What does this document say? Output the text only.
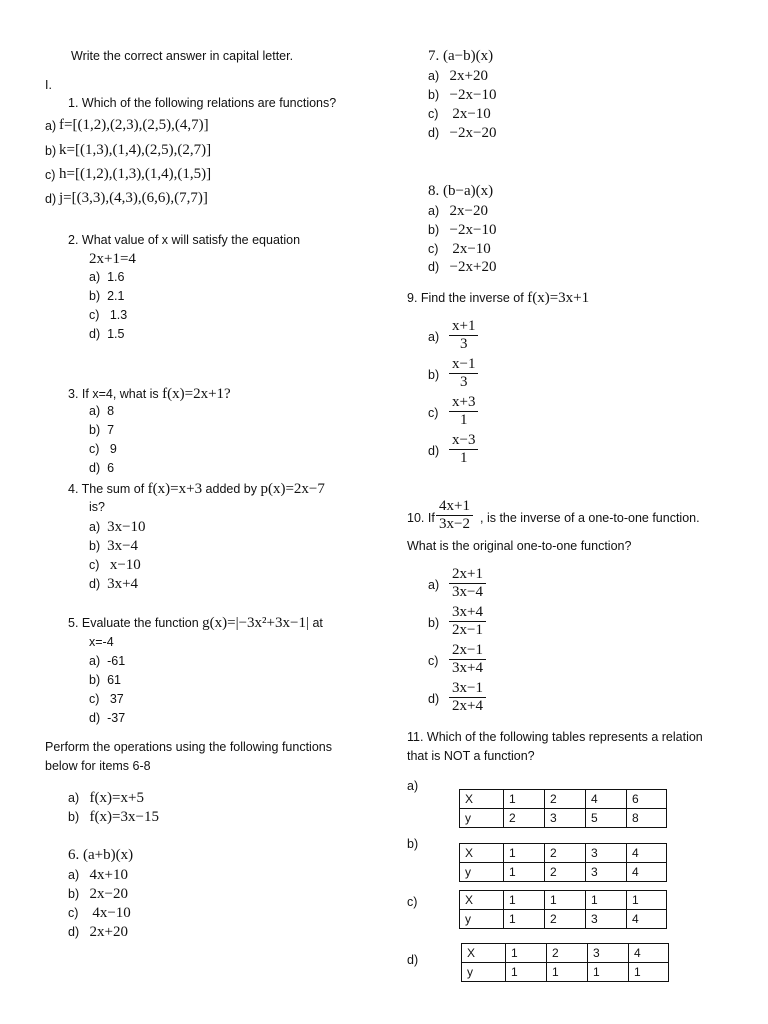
Write the correct answer in capital letter.
I.
1. Which of the following relations are functions?
a) f=[(1,2),(2,3),(2,5),(4,7)]
b) k=[(1,3),(1,4),(2,5),(2,7)]
c) h=[(1,2),(1,3),(1,4),(1,5)]
d) j=[(3,3),(4,3),(6,6),(7,7)]
2. What value of x will satisfy the equation
2x+1=4
a) 1.6
b) 2.1
c) 1.3
d) 1.5
3. If x=4, what is f(x)=2x+1?
a) 8
b) 7
c) 9
d) 6
4. The sum of f(x)=x+3 added by p(x)=2x−7
is?
a) 3x−10
b) 3x−4
c) x−10
d) 3x+4
5. Evaluate the function g(x)=|−3x²+3x−1| at
x=-4
a) -61
b) 61
c) 37
d) -37
Perform the operations using the following functions
below for items 6-8
a) f(x)=x+5
b) f(x)=3x−15
6. (a+b)(x)
a) 4x+10
b) 2x−20
c) 4x−10
d) 2x+20
7. (a−b)(x)
a) 2x+20
b) −2x−10
c) 2x−10
d) −2x−20
8. (b−a)(x)
a) 2x−20
b) −2x−10
c) 2x−10
d) −2x+20
9. Find the inverse of f(x)=3x+1
$a) \frac{x+1}{3}$
$b) \frac{x-1}{3}$
$c) \frac{x+3}{1}$
$d) \frac{x-3}{1}$
10. If $\frac{4x+1}{3x-2}$ , is the inverse of a one-to-one function.
What is the original one-to-one function?
$a) \frac{2x+1}{3x-4}$
$b) \frac{3x+4}{2x-1}$
$c) \frac{2x-1}{3x+4}$
$d) \frac{3x-1}{2x+4}$
11. Which of the following tables represents a relation
that is NOT a function?
a)
X	1	2	4	6
y	2	3	5	8
b)
X	1	2	3	4
y	1	2	3	4
c)	X	1	1	1	1
y	1	2	3	4
d)	X	1	2	3	4
y	1	1	1	1
